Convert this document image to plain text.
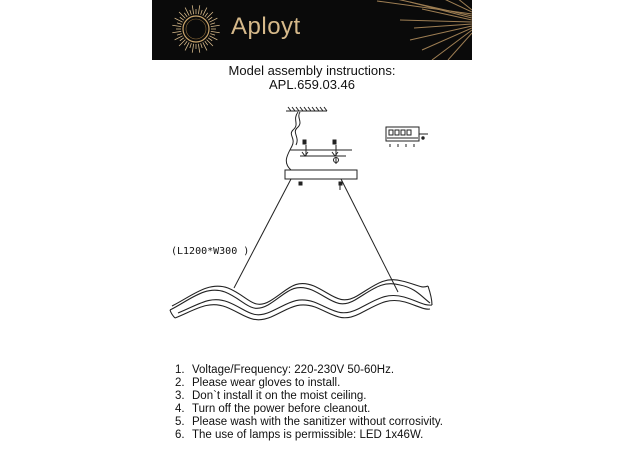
Aployt
Model assembly instructions:
APL.659.03.46
(L1200*W300 )
1. Voltage/Frequency: 220-230V 50-60Hz.
2. Please wear gloves to install.
3. Don`t install it on the moist ceiling.
4. Turn off the power before cleanout.
5. Please wash with the sanitizer without corrosivity.
6. The use of lamps is permissible: LED 1x46W.
